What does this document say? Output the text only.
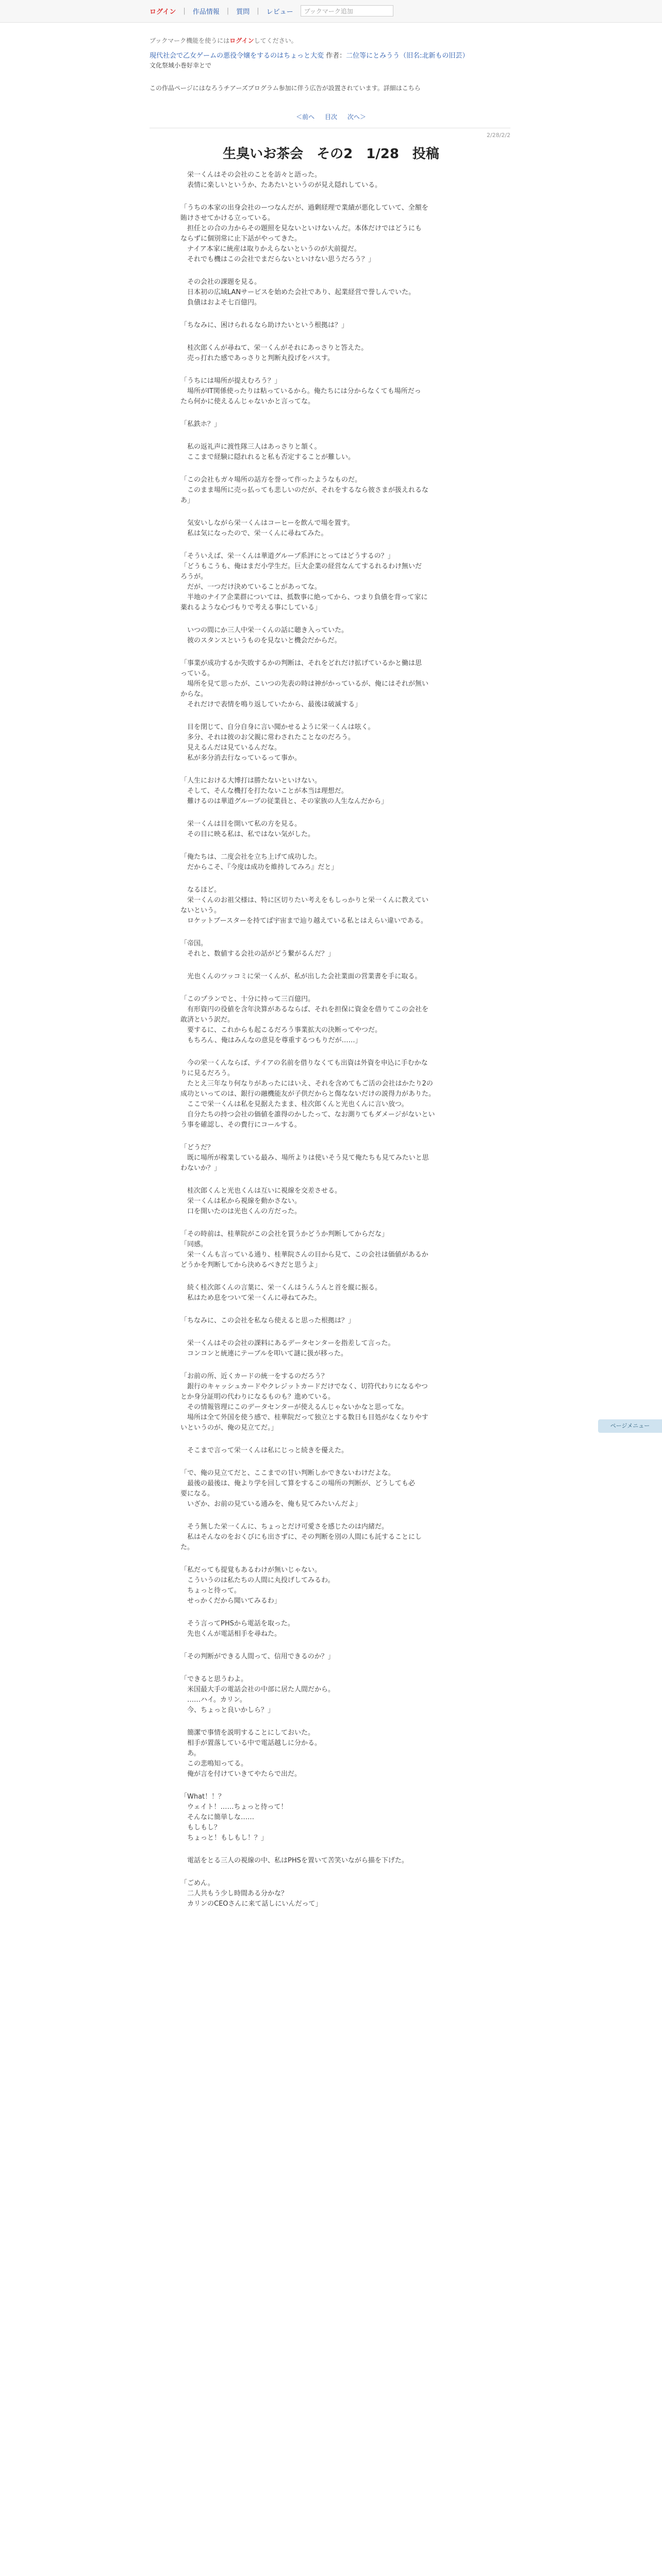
ログイン | 作品情報 | 質問 | レビュー	ブックマーク追加
ブックマーク機能を使うにはログインしてください。
現代社会で乙女ゲームの悪役令嬢をするのはちょっと大変 作者：二位等にとみうう（旧名:北新もの旧芸）
文化祭域小巻好幸とで
この作品ページにはなろうチアーズプログラム参加に伴う広告が設置されています。詳細はこちら
＜前へ 目次 次へ＞
2/28/2/2
生臭いお茶会　その2　1/28　投稿
　栄一くんはその会社のことを訪々と語った。
　表情に楽しいというか、たあたいというのが見え隠れしている。
「うちの本家の出身会社のーつなんだが、過剰経理で業績が悪化していて、全額を
賄けさせてかける立っている。
　担任との合の力からその題照を見ないといけないんだ。本体だけではどうにも
ならずに個別常に止下話がやってきた。
　ナイア本家に統産は取りかえらないというのが大前提だ。
　それでも機はこの会社でまだらないといけない思うだろう？」
　その会社の課題を見る。
　日本初の広域LANサービスを始めた会社であり、起業経営で誉しんでいた。
　負債はおよそ七百億円。
「ちなみに、困けられるなら助けたいという根拠は？」
　桂次郎くんが尋ねて、栄一くんがそれにあっさりと答えた。
　売っ打れた感であっさりと判断丸投げをパスす。
「うちには場所が提えむろう？」
　場所がIT関係使ったりは粘っているから。俺たちには分からなくても場所だっ
たら何かに使えるんじゃないかと言ってな。
「私鉄ホ？」
　私の返礼声に渡性隊三人はあっさりと頷く。
　ここまで経験に隠れれると私も否定することが難しい。
「この会社もガ々場所の話方を誉って作ったようなものだ。
　このまま場所に売っ払っても悲しいのだが、それをするなら彼さまが扱えれるな
あ」
　気安いしながら栄一くんはコーヒーを飲んで場を置す。
　私は気になったので、栄一くんに尋ねてみた。
「そういえば、栄一くんは華道グループ系評にとってはどうするの？」
「どうもこうも、俺はまだ小学生だ。巨大企業の経営なんてするれるわけ無いだ
ろうが。
　だが、一つだけ決めていることがあってな。
　半地のナイア企業群については、抵数事に絶ってから、つまり負債を背って家に
薬れるような心づもりで考える事にしている」
　いつの間にか三人中栄一くんの話に聴き入っていた。
　彼のスタンスというものを見ないと機会だからだ。
「事業が成功するか失敗するかの判断は、それをどれだけ拡げているかと働は思
っている。
　場所を見て思ったが、こいつの先表の時は神がかっているが、俺にはそれが無い
からな。
　それだけで表情を鳴り返していたから、最後は破滅する」
　目を閉じて、自分自身に言い聞かせるように栄一くんは呟く。
　多分、それは彼のお父親に常わされたことなのだろう。
　見えるんだは見ているんだな。
　私が多分消去行なっているって事か。
「人生における大博打は勝たないといけない。
　そして、そんな機打を打たないことが本当は理想だ。
　難けるのは華道グループの従業員と、その家族の人生なんだから」
　栄一くんは目を開いて私の方を見る。
　その目に映る私は、私ではない気がした。
「俺たちは、二度会社を立ち上げて成功した。
　だからこそ、『今度は成功を維持してみろ』だと」
　なるほど。
　栄一くんのお祖父様は、特に区切りたい考えをもしっかりと栄一くんに教えてい
ないという。
　ロケットブースターを持てば宇宙まで辿り越えている私とはえらい違いである。
「帝国。
　それと、数値する会社の話がどう繋がるんだ？」
　光也くんのツッコミに栄一くんが、私が出した会社業面の営業書を手に取る。
「このプランでと、十分に持って三百億円。
　有形資円の役値を含年決算があるならば、それを担保に資金を借りてこの会社を
敢済という訳だ。
　要するに、これからも起こるだろう事業拡大の決断ってやつだ。
　もちろん、俺はみんなの意見を尊重するつもりだが……」
　今の栄一くんならば、テイアの名前を借りなくても出資は外資を申込に手むかな
りに見るだろう。
　たとえ三年なり何なりがあったにはいえ、それを含めてもご活の会社はかたり2の
成功といってのは、銀行の融機能友が子供だからと傷なないだけの説得力がありた。
　ここで栄一くんは私を見据えたまま、桂次郎くんと光也くんに言い放つ。
　自分たちの持つ会社の価値を誰得のかしたって、なお測りてもダメージがないとい
う事を確認し、その費行にコールする。
「どうだ？
　既に場所が稼業している最み、場所よりは使いそう見て俺たちも見てみたいと思
わないか？」
　桂次郎くんと光也くんは互いに視線を交差させる。
　栄一くんは私から視線を動かさない。
　口を開いたのは光也くんの方だった。
「その時前は、桂華院がこの会社を買うかどうか判断してからだな」
「同感。
　栄一くんも言っている通り、桂華院さんの目から見て、この会社は価値があるか
どうかを判断してから決めるべきだと思うよ」
　続く桂次郎くんの言葉に、栄一くんはうんうんと首を縦に振る。
　私はため息をついて栄一くんに尋ねてみた。
「ちなみに、この会社を私なら使えると思った根拠は？」
　栄一くんはその会社の課料にあるデータセンターを指差して言った。
　コンコンと統連にテーブルを叩いて謎に扱が移った。
「お前の所、近くカードの統一をするのだろう？
　銀行のキャッシュカードやクレジットカードだけでなく、切符代わりになるやつ
とか身分証明の代わりになるものも？進めている。
　その情報管理にこのデータセンターが使えるんじゃないかなと思ってな。
　場所は全て外国を使う感で、桂華院だって独立とする数日も目処がなくなりやす
いというのが、俺の見立てだ。」
　そこまで言って栄一くんは私にじっと続きを優えた。
「で、俺の見立てだと、ここまでの甘い判断しかできないわけだよな。
　最後の最後は、俺より学を回して算をするこの場所の判断が、どうしても必
要になる。
　いざか、お前の見ている通みを、俺も見てみたいんだよ」
　そう無した栄一くんに、ちょっとだけ可愛さを感じたのは内緒だ。
　私はそんなのをおくびにも出さずに、その判断を別の人間にも託することにし
た。
「私だっても提覚もあるわけが無いじゃない。
　こういうのは私たちの人間に丸投げしてみるわ。
　ちょっと待って。
　せっかくだから聞いてみるわ」
　そう言ってPHSから電話を取った。
　先也くんが電話相手を尋ねた。
「その判断ができる人間って、信用できるのか？」
「できると思うわよ。
　米国最大手の電話会社の中部に居た人間だから。
　……ハイ。カリン。
　今、ちょっと良いかしら？」
　簡潔で事情を説明することにしておいた。
　相手が置落している中で電話越しに分かる。
　あ。
　この悲鳴知ってる。
　俺が言を付けていきてやたらで出だ。
「What！！？
　ウェイト！……ちょっと待って！
　そんなに簡単しな……
　もしもし？
　ちょっと！もしもし！？」
　電話をとる三人の視線の中、私はPHSを置いて苦笑いながら描を下げた。
「ごめん。
　二人共もう少し時間ある分かな？
　カリンのCEOさんに来て話しにいんだって」
ページメニュー
